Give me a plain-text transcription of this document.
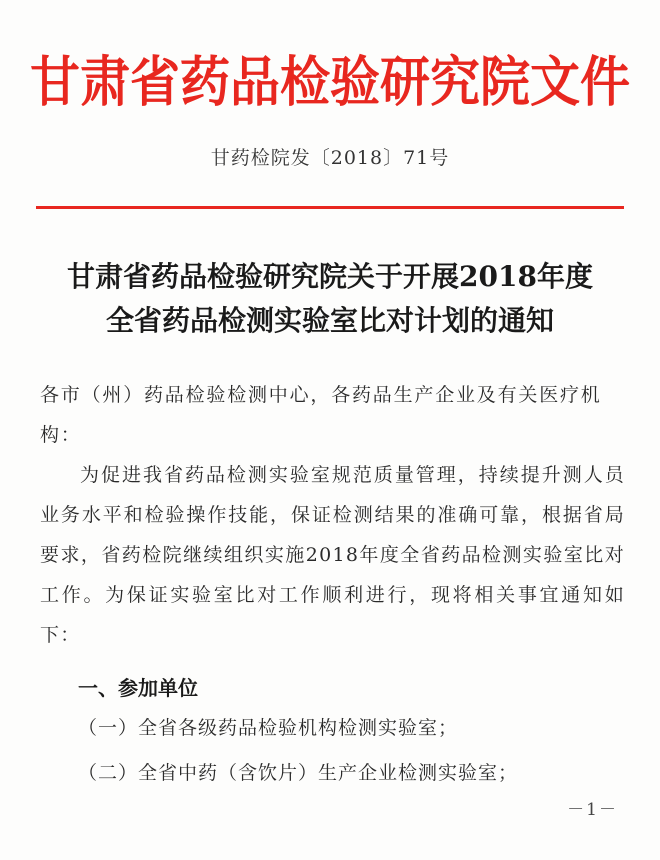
甘肃省药品检验研究院文件
甘药检院发〔2018〕71号
甘肃省药品检验研究院关于开展2018年度
全省药品检测实验室比对计划的通知
各市（州）药品检验检测中心，各药品生产企业及有关医疗机构：
为促进我省药品检测实验室规范质量管理，持续提升测人员业务水平和检验操作技能，保证检测结果的准确可靠，根据省局要求，省药检院继续组织实施2018年度全省药品检测实验室比对工作。为保证实验室比对工作顺利进行，现将相关事宜通知如下：
一、参加单位
（一）全省各级药品检验机构检测实验室；
（二）全省中药（含饮片）生产企业检测实验室；
－1－
